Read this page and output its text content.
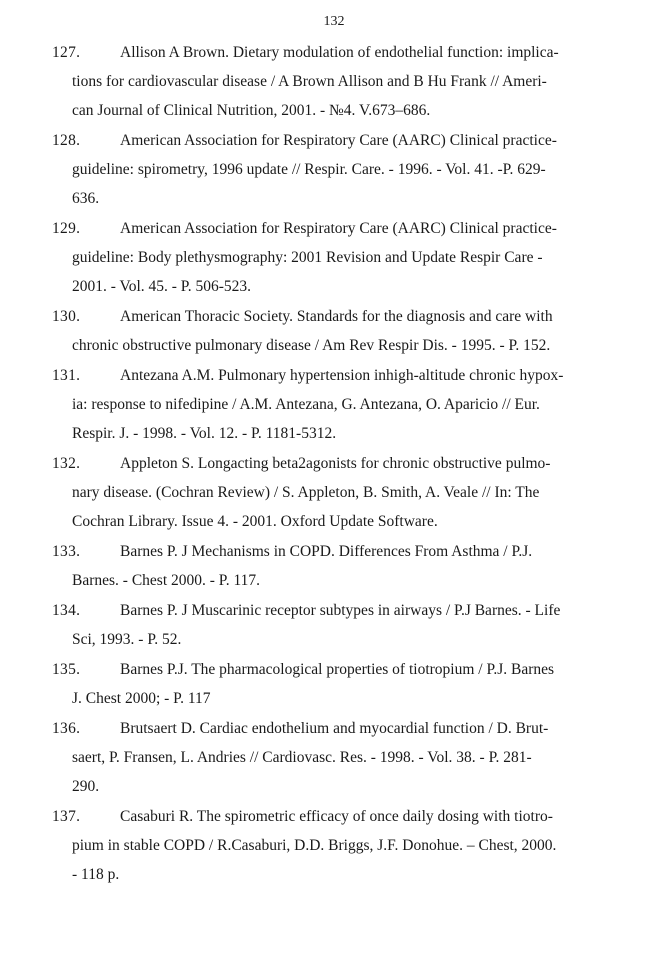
132
127.	Allison A Brown. Dietary modulation of endothelial function: implica-
tions for cardiovascular disease / A Brown Allison and B Hu Frank // Ameri-
can Journal of Clinical Nutrition, 2001. - №4. V.673–686.
128.	American Association for Respiratory Care (AARC) Clinical practice-
guideline: spirometry, 1996 update // Respir. Care. - 1996. - Vol. 41. -P. 629-
636.
129.	American Association for Respiratory Care (AARC) Clinical practice-
guideline: Body plethysmography: 2001 Revision and Update Respir Care -
2001. - Vol. 45. - P. 506-523.
130.	American Thoracic Society. Standards for the diagnosis and care with
chronic obstructive pulmonary disease / Am Rev Respir Dis. - 1995. - P. 152.
131.	Antezana A.M. Pulmonary hypertension inhigh-altitude chronic hypox-
ia: response to nifedipine / A.M. Antezana, G. Antezana, O. Aparicio // Eur.
Respir. J. - 1998. - Vol. 12. - P. 1181-5312.
132.	Appleton S. Longacting beta2agonists for chronic obstructive pulmo-
nary disease. (Cochran Review) / S. Appleton, B. Smith, A. Veale // In: The
Cochran Library. Issue 4. - 2001. Oxford Update Software.
133.	Barnes P. J Mechanisms in COPD. Differences From Asthma / P.J.
Barnes. - Chest 2000. - P. 117.
134.	Barnes P. J Muscarinic receptor subtypes in airways / P.J Barnes. - Life
Sci, 1993. - P. 52.
135.	Barnes P.J. The pharmacological properties of tiotropium / P.J. Barnes
J. Chest 2000; - P. 117
136.	Brutsaert D. Cardiac endothelium and myocardial function / D. Brut-
saert, P. Fransen, L. Andries // Cardiovasc. Res. - 1998. - Vol. 38. - P. 281-
290.
137.	Casaburi R. The spirometric efficacy of once daily dosing with tiotro-
pium in stable COPD / R.Casaburi, D.D. Briggs, J.F. Donohue. – Chest, 2000.
- 118 p.
